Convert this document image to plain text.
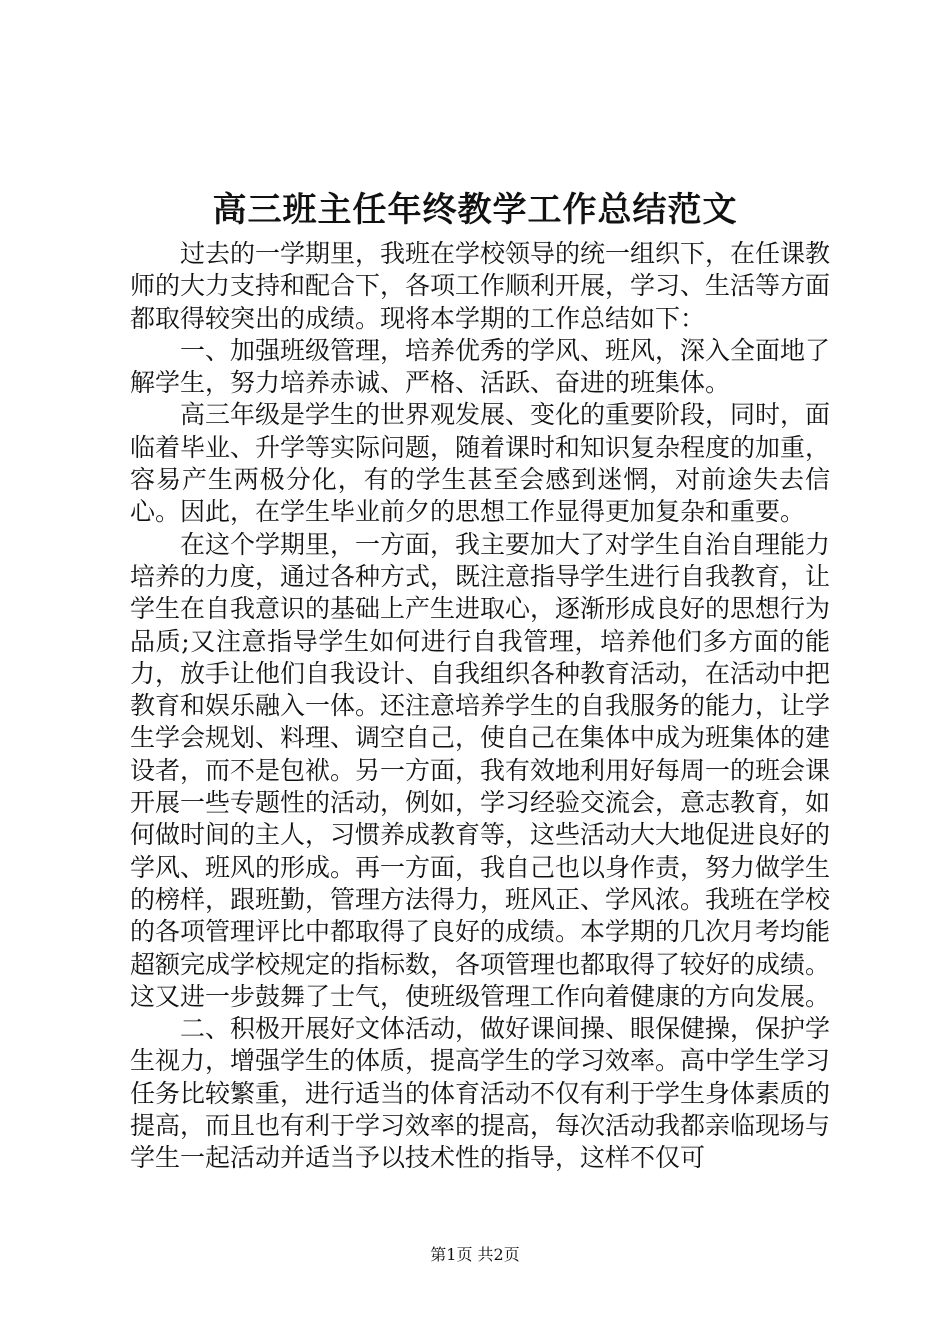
高三班主任年终教学工作总结范文

过去的一学期里，我班在学校领导的统一组织下，在任课教师的大力支持和配合下，各项工作顺利开展，学习、生活等方面都取得较突出的成绩。现将本学期的工作总结如下：

一、加强班级管理，培养优秀的学风、班风，深入全面地了解学生，努力培养赤诚、严格、活跃、奋进的班集体。

高三年级是学生的世界观发展、变化的重要阶段，同时，面临着毕业、升学等实际问题，随着课时和知识复杂程度的加重，容易产生两极分化，有的学生甚至会感到迷惘，对前途失去信心。因此，在学生毕业前夕的思想工作显得更加复杂和重要。

在这个学期里，一方面，我主要加大了对学生自治自理能力培养的力度，通过各种方式，既注意指导学生进行自我教育，让学生在自我意识的基础上产生进取心，逐渐形成良好的思想行为品质;又注意指导学生如何进行自我管理，培养他们多方面的能力，放手让他们自我设计、自我组织各种教育活动，在活动中把教育和娱乐融入一体。还注意培养学生的自我服务的能力，让学生学会规划、料理、调空自己，使自己在集体中成为班集体的建设者，而不是包袱。另一方面，我有效地利用好每周一的班会课开展一些专题性的活动，例如，学习经验交流会，意志教育，如何做时间的主人，习惯养成教育等，这些活动大大地促进良好的学风、班风的形成。再一方面，我自己也以身作责，努力做学生的榜样，跟班勤，管理方法得力，班风正、学风浓。我班在学校的各项管理评比中都取得了良好的成绩。本学期的几次月考均能超额完成学校规定的指标数，各项管理也都取得了较好的成绩。这又进一步鼓舞了士气，使班级管理工作向着健康的方向发展。

二、积极开展好文体活动，做好课间操、眼保健操，保护学生视力，增强学生的体质，提高学生的学习效率。高中学生学习任务比较繁重，进行适当的体育活动不仅有利于学生身体素质的提高，而且也有利于学习效率的提高，每次活动我都亲临现场与学生一起活动并适当予以技术性的指导，这样不仅可

第1页 共2页
